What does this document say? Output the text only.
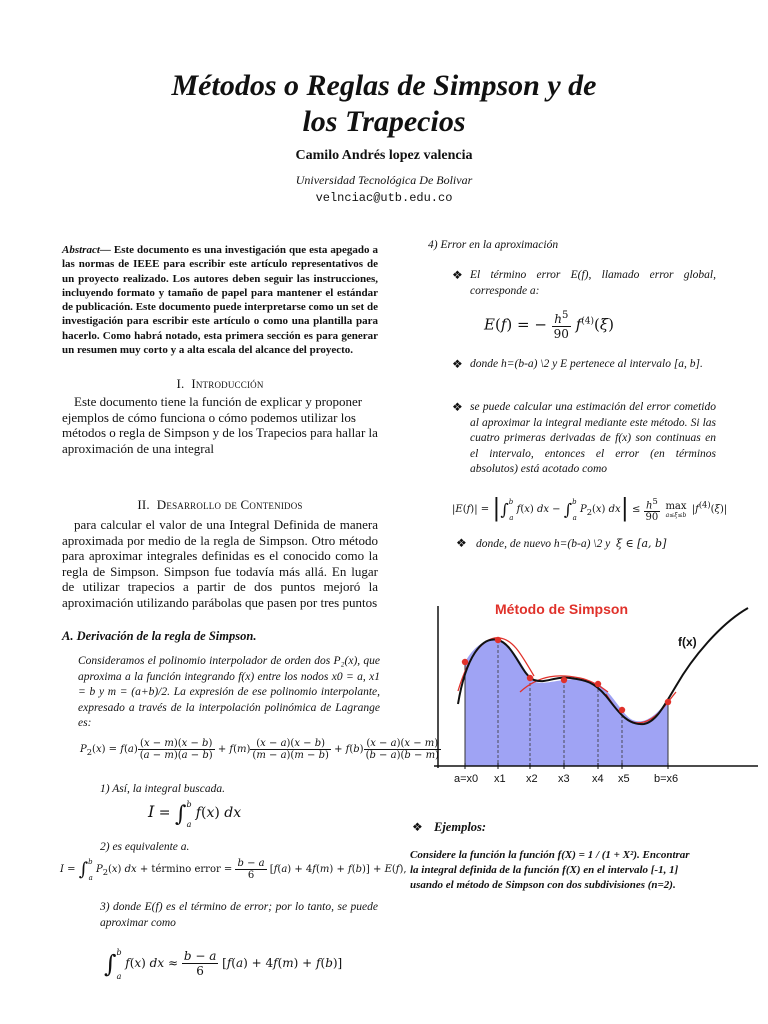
Métodos o Reglas de Simpson y de
los Trapecios
Camilo Andrés lopez valencia
Universidad Tecnológica De Bolivar
velnciac@utb.edu.co
Abstract— Este documento es una investigación que esta apegado a las normas de IEEE para escribir este artículo representativos de un proyecto realizado. Los autores deben seguir las instrucciones, incluyendo formato y tamaño de papel para mantener el estándar de publicación. Este documento puede interpretarse como un set de investigación para escribir este artículo o como una plantilla para hacerlo. Como habrá notado, esta primera sección es para generar un resumen muy corto y a alta escala del alcance del proyecto.
I. Introducción
Este documento tiene la función de explicar y proponer ejemplos de cómo funciona o cómo podemos utilizar los métodos o regla de Simpson y de los Trapecios para hallar la aproximación de una integral
II. Desarrollo de Contenidos
para calcular el valor de una Integral Definida de manera aproximada por medio de la regla de Simpson. Otro método para aproximar integrales definidas es el conocido como la regla de Simpson. Simpson fue todavía más allá. En lugar de utilizar trapecios a partir de dos puntos mejoró la aproximación utilizando parábolas que pasen por tres puntos
A. Derivación de la regla de Simpson.
Consideramos el polinomio interpolador de orden dos P₂(x), que aproxima a la función integrando f(x) entre los nodos x0 = a, x1 = b y m = (a+b)/2. La expresión de ese polinomio interpolante, expresado a través de la interpolación polinómica de Lagrange es:
$P_2(x) = f(a) \frac{(x - m)(x - b)}{(a - m)(a - b)} + f(m) \frac{(x - a)(x - b)}{(m - a)(m - b)} + f(b) \frac{(x - a)(x - m)}{(b - a)(b - m)}$
1) Así, la integral buscada.
I = ∫$^b_a$ f(x) dx
2) es equivalente a.
I = ∫$^b_a$ $P_2(x)$ dx + término error = $\frac{b - a}{6} [f(a) + 4f(m) + f(b)] + E(f)$,
3) donde E(f) es el término de error; por lo tanto, se puede aproximar como
∫$^b_a$ f(x) dx ≈ $\frac{b - a}{6} [f(a) + 4f(m) + f(b)]$
4) Error en la aproximación
❖ El término error E(f), llamado error global, corresponde a:
E(f) = − $\frac{h^5}{90} f^{(4)}(\xi)$
❖ donde h=(b-a) \2 y E pertenece al intervalo [a, b].
❖ se puede calcular una estimación del error cometido al aproximar la integral mediante este método. Si las cuatro primeras derivadas de f(x) son continuas en el intervalo, entonces el error (en términos absolutos) está acotado como
|E(f)| = |∫$^b_a$ f(x) dx − ∫$^b_a$ $P_2(x) dx| \le \frac{h^5}{90}$
max
a≤ξ≤b $|f^{(4)}(\xi)|$
❖ donde, de nuevo h=(b-a) \2 y ξ ∈ [a, b]
Método de Simpson
f(x)
a=x0 x1 x2 x3 x4 x5 b=x6
❖ Ejemplos:
Considere la función la función f(X) = 1 / (1 + X²). Encontrar la integral definida de la función f(X) en el intervalo [-1, 1] usando el método de Simpson con dos subdivisiones (n=2).
